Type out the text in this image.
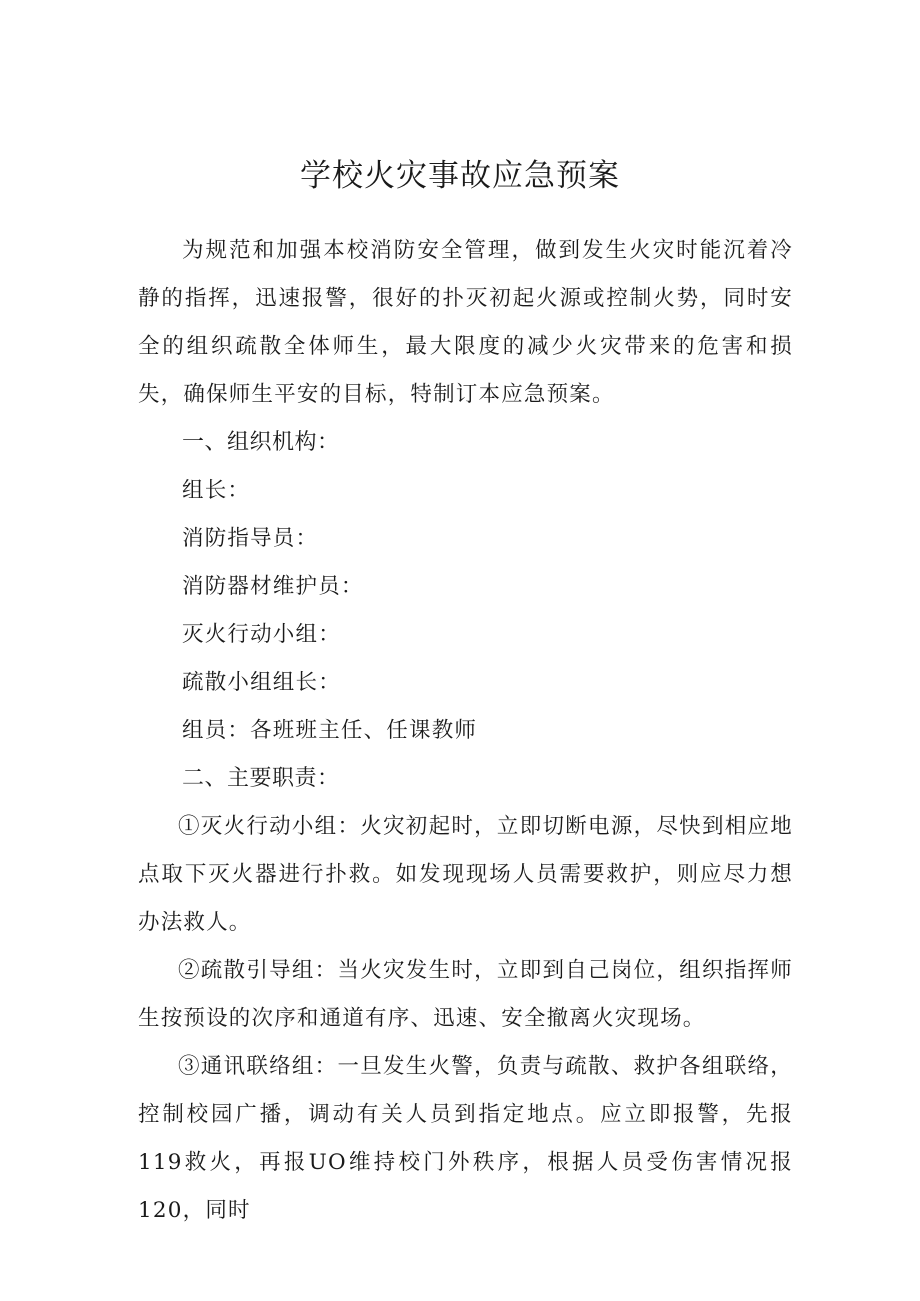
学校火灾事故应急预案

为规范和加强本校消防安全管理，做到发生火灾时能沉着冷静的指挥，迅速报警，很好的扑灭初起火源或控制火势，同时安全的组织疏散全体师生，最大限度的减少火灾带来的危害和损失，确保师生平安的目标，特制订本应急预案。

一、组织机构：

组长：

消防指导员：

消防器材维护员：

灭火行动小组：

疏散小组组长：

组员：各班班主任、任课教师

二、主要职责：

①灭火行动小组：火灾初起时，立即切断电源，尽快到相应地点取下灭火器进行扑救。如发现现场人员需要救护，则应尽力想办法救人。

②疏散引导组：当火灾发生时，立即到自己岗位，组织指挥师生按预设的次序和通道有序、迅速、安全撤离火灾现场。

③通讯联络组：一旦发生火警，负责与疏散、救护各组联络，控制校园广播，调动有关人员到指定地点。应立即报警，先报119救火，再报UO维持校门外秩序，根据人员受伤害情况报120，同时
